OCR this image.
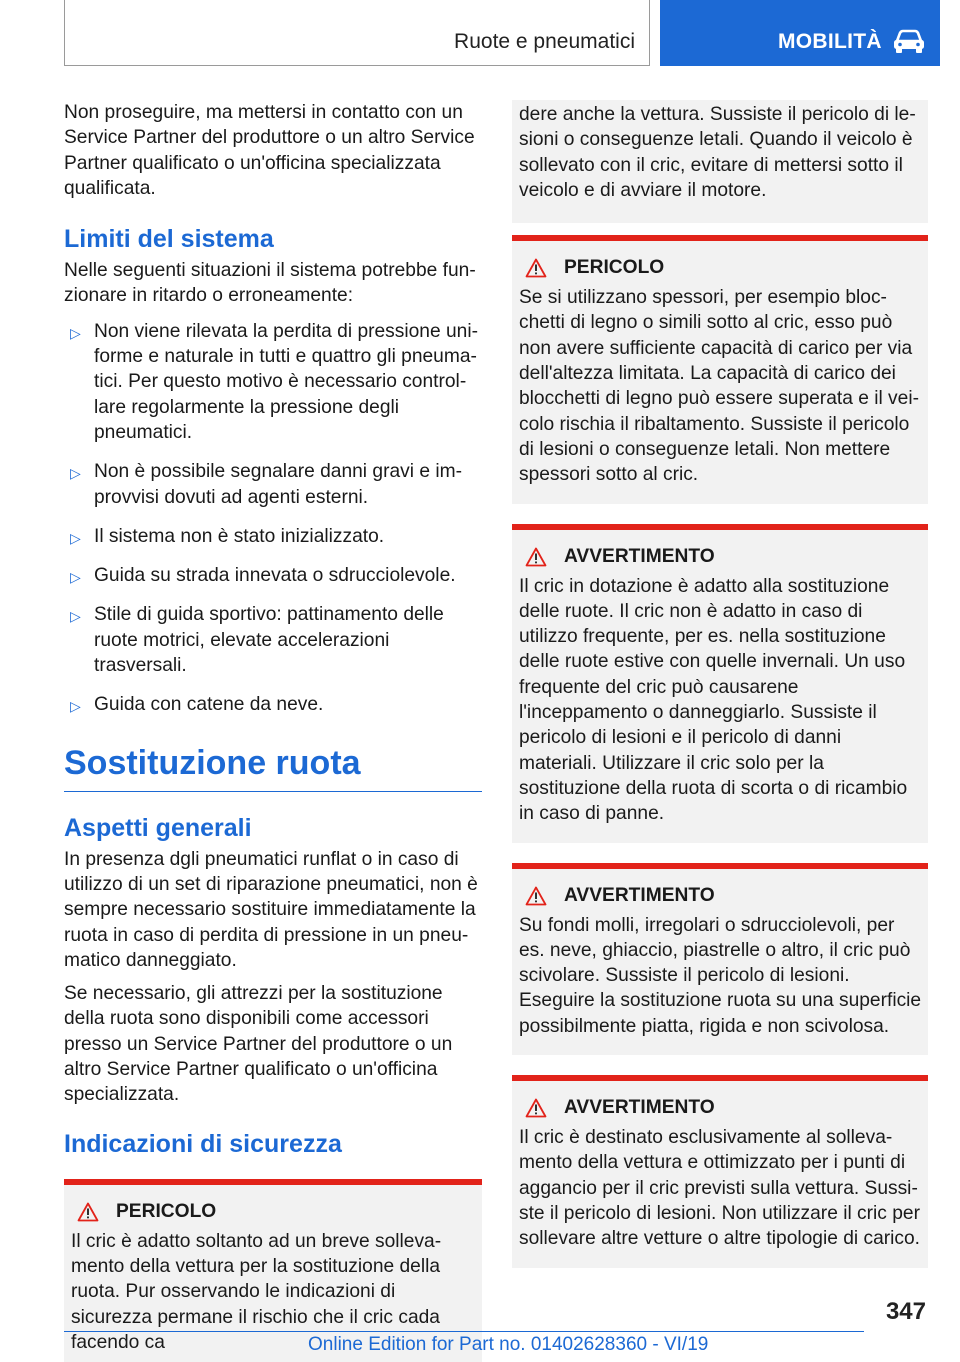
Ruote e pneumatici	MOBILITÀ

Non proseguire, ma mettersi in contatto con un Service Partner del produttore o un altro Service Partner qualificato o un'officina specializzata qualificata.

Limiti del sistema

Nelle seguenti situazioni il sistema potrebbe funzionare in ritardo o erroneamente:

▷ Non viene rilevata la perdita di pressione uniforme e naturale in tutti e quattro gli pneumatici. Per questo motivo è necessario controllare regolarmente la pressione degli pneumatici.
▷ Non è possibile segnalare danni gravi e improvvisi dovuti ad agenti esterni.
▷ Il sistema non è stato inizializzato.
▷ Guida su strada innevata o sdrucciolevole.
▷ Stile di guida sportivo: pattinamento delle ruote motrici, elevate accelerazioni trasversali.
▷ Guida con catene da neve.
Sostituzione ruota
Aspetti generali

In presenza dgli pneumatici runflat o in caso di utilizzo di un set di riparazione pneumatici, non è sempre necessario sostituire immediatamente la ruota in caso di perdita di pressione in un pneumatico danneggiato.

Se necessario, gli attrezzi per la sostituzione della ruota sono disponibili come accessori presso un Service Partner del produttore o un altro Service Partner qualificato o un'officina specializzata.

Indicazioni di sicurezza
PERICOLO

Il cric è adatto soltanto ad un breve sollevamento della vettura per la sostituzione della ruota. Pur osservando le indicazioni di sicurezza permane il rischio che il cric cada facendo ca

dere anche la vettura. Sussiste il pericolo di lesioni o conseguenze letali. Quando il veicolo è sollevato con il cric, evitare di mettersi sotto il veicolo e di avviare il motore.

PERICOLO

Se si utilizzano spessori, per esempio blocchetti di legno o simili sotto al cric, esso può non avere sufficiente capacità di carico per via dell'altezza limitata. La capacità di carico dei blocchetti di legno può essere superata e il veicolo rischia il ribaltamento. Sussiste il pericolo di lesioni o conseguenze letali. Non mettere spessori sotto al cric.

AVVERTIMENTO

Il cric in dotazione è adatto alla sostituzione delle ruote. Il cric non è adatto in caso di utilizzo frequente, per es. nella sostituzione delle ruote estive con quelle invernali. Un uso frequente del cric può causarene l'inceppamento o danneggiarlo. Sussiste il pericolo di lesioni e il pericolo di danni materiali. Utilizzare il cric solo per la sostituzione della ruota di scorta o di ricambio in caso di panne.

AVVERTIMENTO

Su fondi molli, irregolari o sdrucciolevoli, per es. neve, ghiaccio, piastrelle o altro, il cric può scivolare. Sussiste il pericolo di lesioni. Eseguire la sostituzione ruota su una superficie possibilmente piatta, rigida e non scivolosa.

AVVERTIMENTO

Il cric è destinato esclusivamente al sollevamento della vettura e ottimizzato per i punti di aggancio per il cric previsti sulla vettura. Sussiste il pericolo di lesioni. Non utilizzare il cric per sollevare altre vetture o altre tipologie di carico.

347
Online Edition for Part no. 01402628360 - VI/19
